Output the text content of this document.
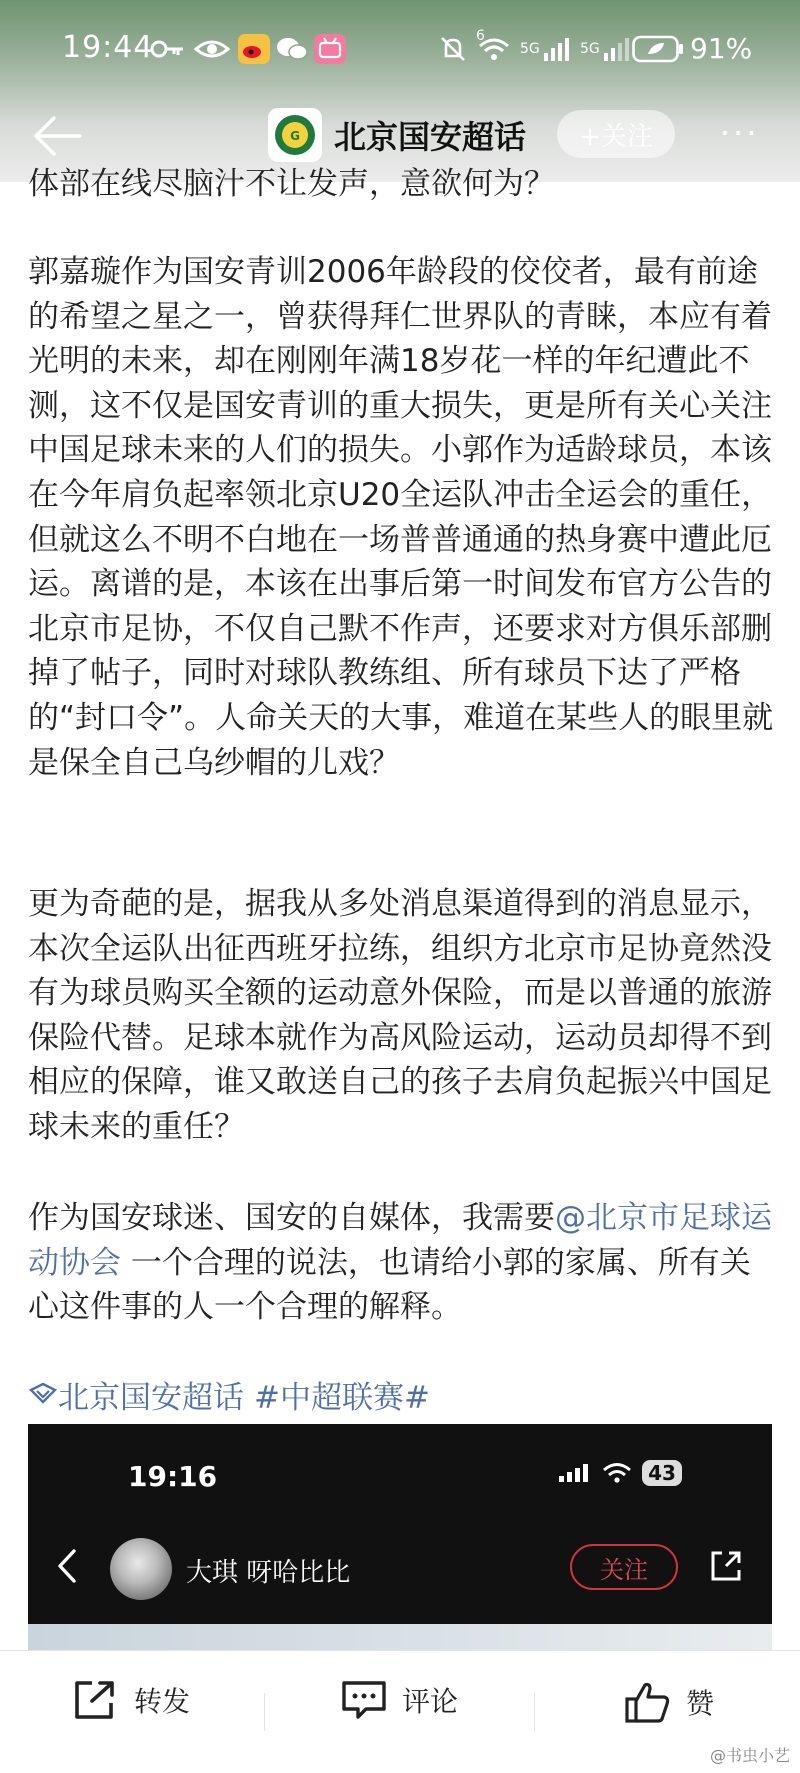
19:44	6
5G	5G	91%
G 北京国安超话	+关注	···
体部在线尽脑汁不让发声，意欲何为？
郭嘉璇作为国安青训2006年龄段的佼佼者，最有前途的希望之星之一，曾获得拜仁世界队的青睐，本应有着光明的未来，却在刚刚年满18岁花一样的年纪遭此不测，这不仅是国安青训的重大损失，更是所有关心关注中国足球未来的人们的损失。小郭作为适龄球员，本该在今年肩负起率领北京U20全运队冲击全运会的重任，但就这么不明不白地在一场普普通通的热身赛中遭此厄运。离谱的是，本该在出事后第一时间发布官方公告的北京市足协，不仅自己默不作声，还要求对方俱乐部删掉了帖子，同时对球队教练组、所有球员下达了严格的“封口令”。人命关天的大事，难道在某些人的眼里就是保全自己乌纱帽的儿戏？
更为奇葩的是，据我从多处消息渠道得到的消息显示，本次全运队出征西班牙拉练，组织方北京市足协竟然没有为球员购买全额的运动意外保险，而是以普通的旅游保险代替。足球本就作为高风险运动，运动员却得不到相应的保障，谁又敢送自己的孩子去肩负起振兴中国足球未来的重任？
作为国安球迷、国安的自媒体，我需要@北京市足球运动协会 一个合理的说法，也请给小郭的家属、所有关心这件事的人一个合理的解释。
北京国安超话 #中超联赛#
19:16	43
大琪 呀哈比比	关注
转发	评论	赞
@书虫小艺
